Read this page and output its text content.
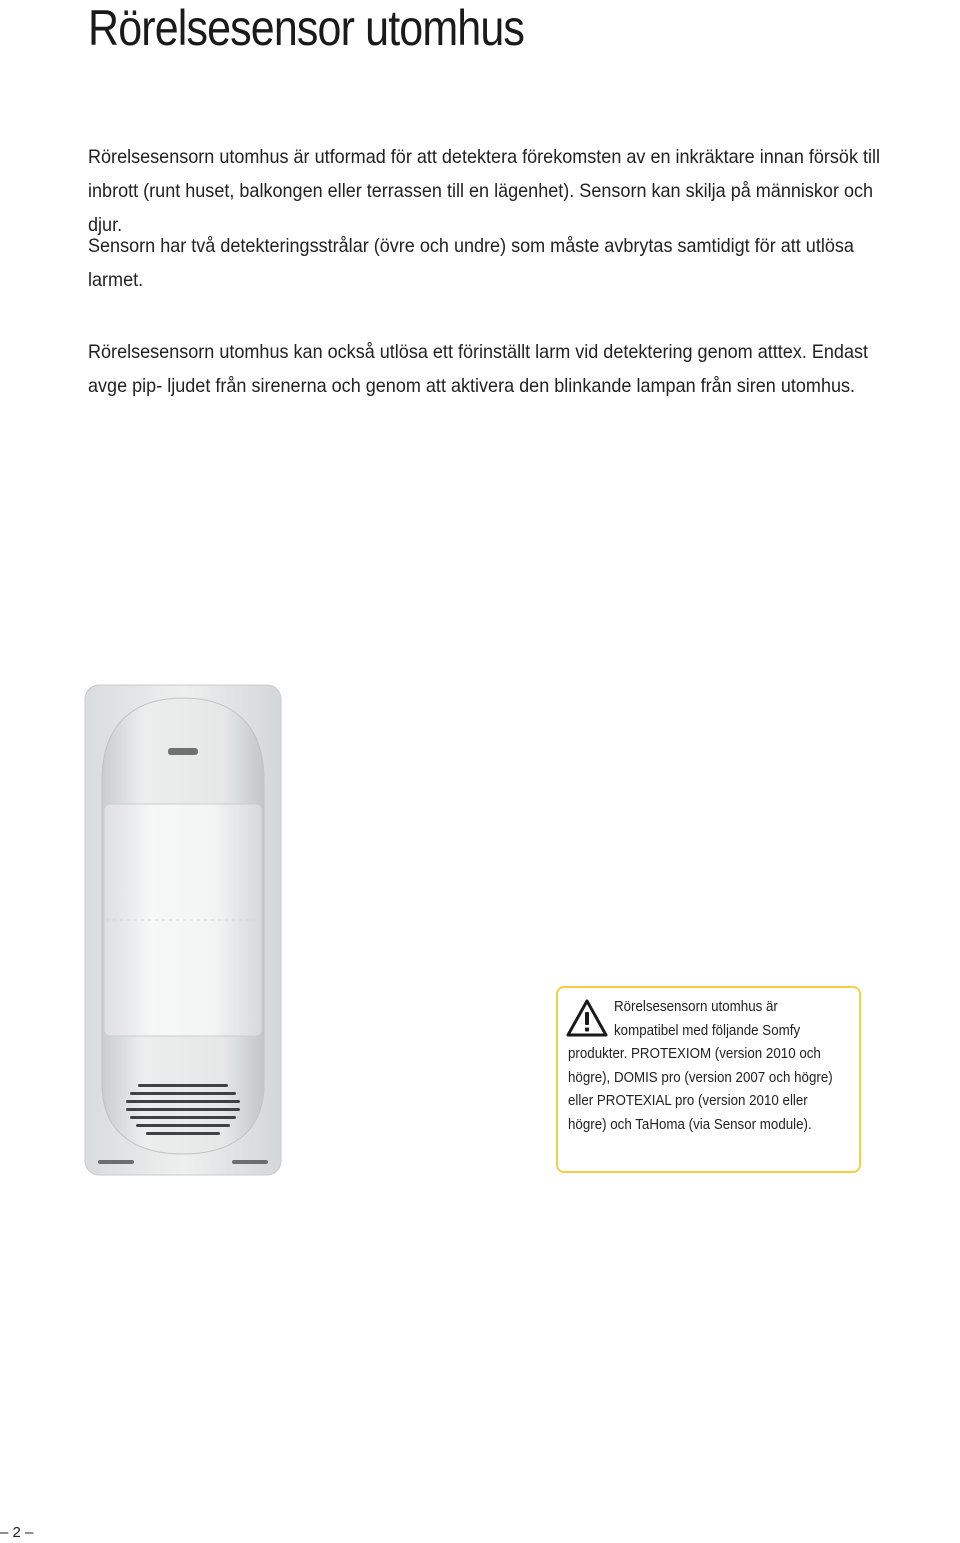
Rörelsesensor utomhus

Rörelsesensorn utomhus är utformad för att detektera förekomsten av en inkräktare innan försök till inbrott (runt huset, balkongen eller terrassen till en lägenhet). Sensorn kan skilja på människor och djur.

Sensorn har två detekteringsstrålar (övre och undre) som måste avbrytas samtidigt för att utlösa larmet.

Rörelsesensorn utomhus kan också utlösa ett förinställt larm vid detektering genom atttex. Endast avge pip- ljudet från sirenerna och genom att aktivera den blinkande lampan från siren utomhus.

Rörelsesensorn utomhus är kompatibel med följande Somfy produkter. PROTEXIOM (version 2010 och högre), DOMIS pro (version 2007 och högre) eller PROTEXIAL pro (version 2010 eller högre) och TaHoma (via Sensor module).

– 2 –
